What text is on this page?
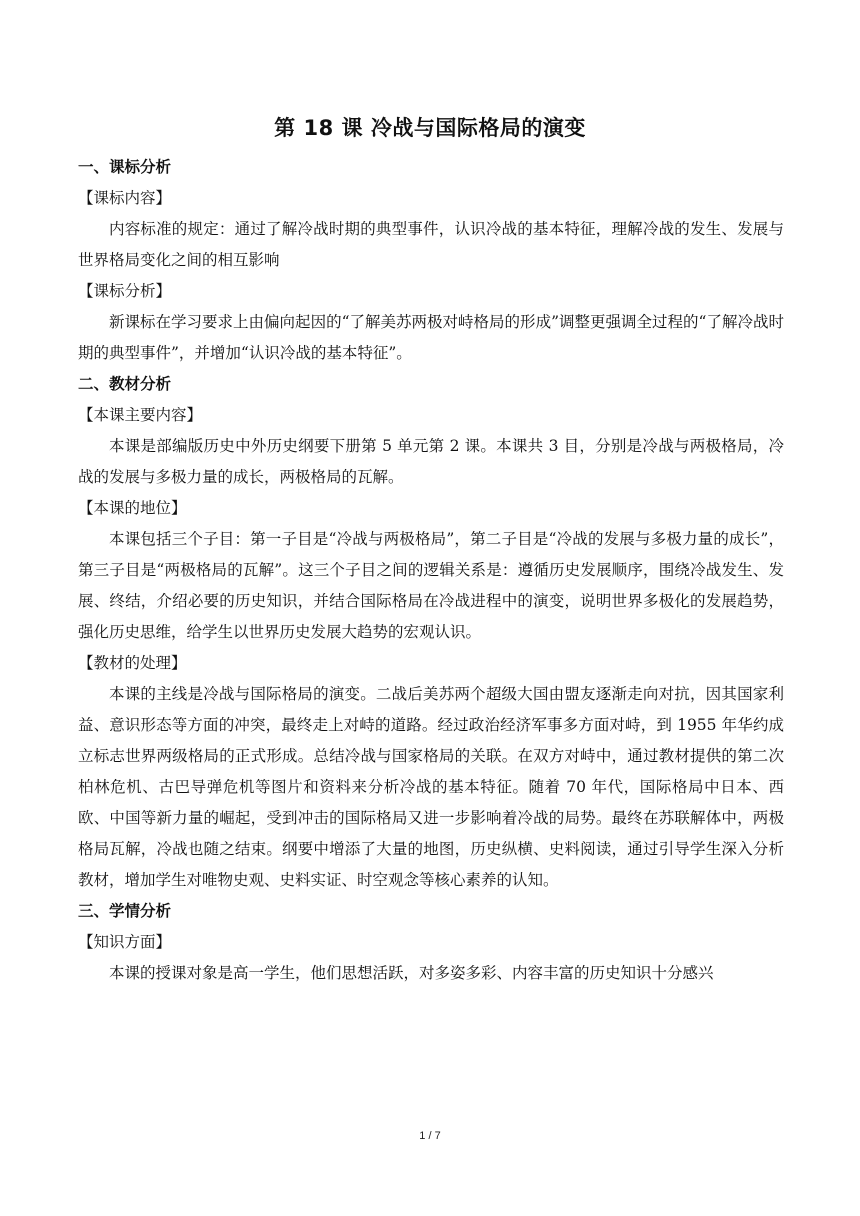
第 18 课 冷战与国际格局的演变
一、课标分析
【课标内容】

内容标准的规定：通过了解冷战时期的典型事件，认识冷战的基本特征，理解冷战的发生、发展与世界格局变化之间的相互影响

【课标分析】

新课标在学习要求上由偏向起因的“了解美苏两极对峙格局的形成”调整更强调全过程的“了解冷战时期的典型事件”，并增加“认识冷战的基本特征”。

二、教材分析
【本课主要内容】

本课是部编版历史中外历史纲要下册第 5 单元第 2 课。本课共 3 目，分别是冷战与两极格局，冷战的发展与多极力量的成长，两极格局的瓦解。

【本课的地位】

本课包括三个子目：第一子目是“冷战与两极格局”，第二子目是“冷战的发展与多极力量的成长”，第三子目是“两极格局的瓦解”。这三个子目之间的逻辑关系是：遵循历史发展顺序，围绕冷战发生、发展、终结，介绍必要的历史知识，并结合国际格局在冷战进程中的演变，说明世界多极化的发展趋势，强化历史思维，给学生以世界历史发展大趋势的宏观认识。

【教材的处理】

本课的主线是冷战与国际格局的演变。二战后美苏两个超级大国由盟友逐渐走向对抗，因其国家利益、意识形态等方面的冲突，最终走上对峙的道路。经过政治经济军事多方面对峙，到 1955 年华约成立标志世界两级格局的正式形成。总结冷战与国家格局的关联。在双方对峙中，通过教材提供的第二次柏林危机、古巴导弹危机等图片和资料来分析冷战的基本特征。随着 70 年代，国际格局中日本、西欧、中国等新力量的崛起，受到冲击的国际格局又进一步影响着冷战的局势。最终在苏联解体中，两极格局瓦解，冷战也随之结束。纲要中增添了大量的地图，历史纵横、史料阅读，通过引导学生深入分析教材，增加学生对唯物史观、史料实证、时空观念等核心素养的认知。

三、学情分析
【知识方面】

本课的授课对象是高一学生，他们思想活跃，对多姿多彩、内容丰富的历史知识十分感兴

1 / 7
